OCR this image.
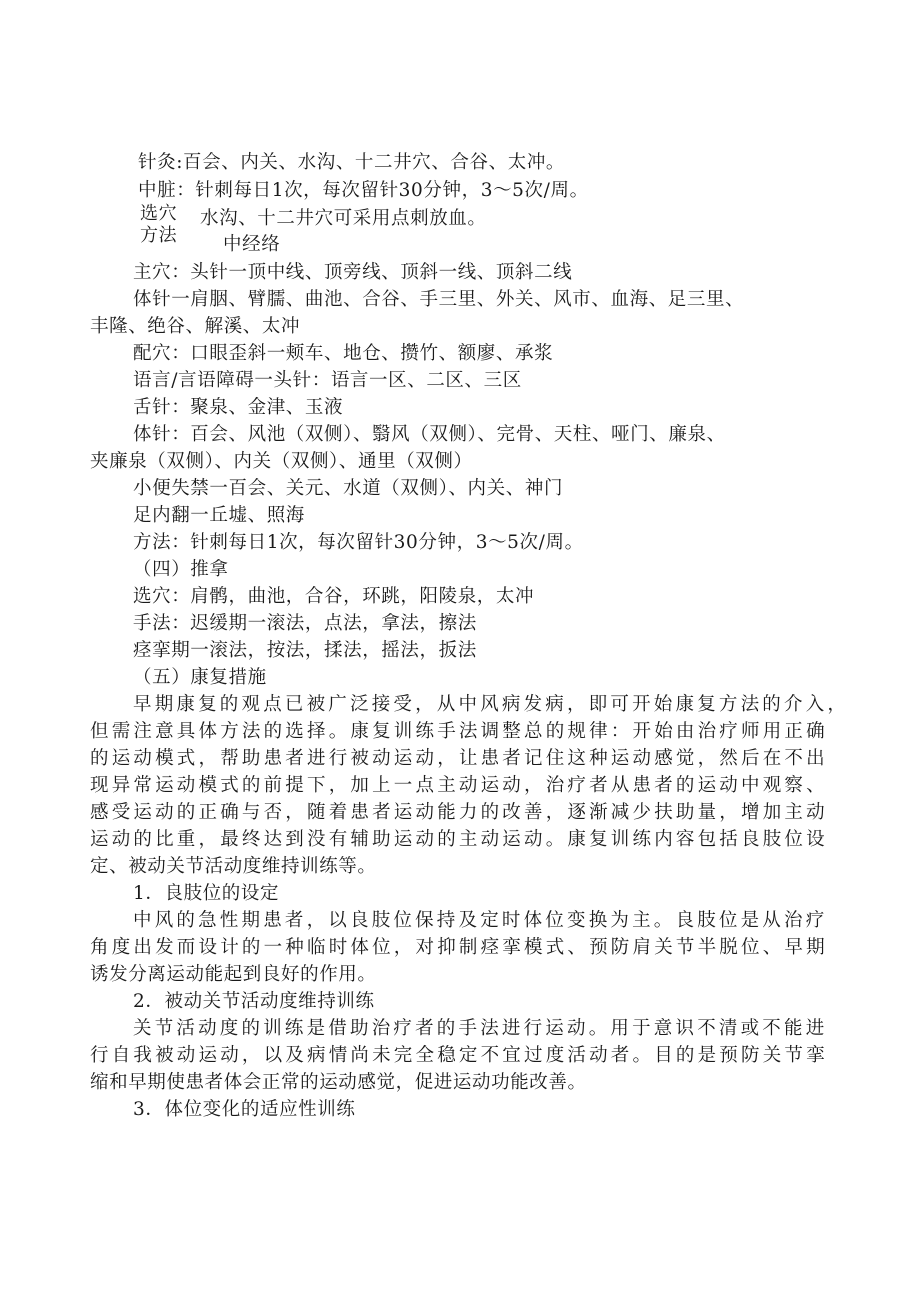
针灸:百会、内关、水沟、十二井穴、合谷、太冲。
中脏：针刺每日1次，每次留针30分钟，3～5次/周。
选穴 水沟、十二井穴可采用点刺放血。
方法 中经络
主穴：头针一顶中线、顶旁线、顶斜一线、顶斜二线
体针一肩胭、臂臑、曲池、合谷、手三里、外关、风市、血海、足三里、
丰隆、绝谷、解溪、太冲
配穴：口眼歪斜一颊车、地仓、攒竹、额廖、承浆
语言/言语障碍一头针：语言一区、二区、三区
舌针：聚泉、金津、玉液
体针：百会、风池（双侧）、翳风（双侧）、完骨、天柱、哑门、廉泉、
夹廉泉（双侧）、内关（双侧）、通里（双侧）
小便失禁一百会、关元、水道（双侧）、内关、神门
足内翻一丘墟、照海
方法：针刺每日1次，每次留针30分钟，3～5次/周。
（四）推拿
选穴：肩鹘，曲池，合谷，环跳，阳陵泉，太冲
手法：迟缓期一滚法，点法，拿法，擦法
痉挛期一滚法，按法，揉法，摇法，扳法
（五）康复措施
早期康复的观点已被广泛接受，从中风病发病，即可开始康复方法的介入，
但需注意具体方法的选择。康复训练手法调整总的规律：开始由治疗师用正确
的运动模式，帮助患者进行被动运动，让患者记住这种运动感觉，然后在不出
现异常运动模式的前提下，加上一点主动运动，治疗者从患者的运动中观察、
感受运动的正确与否，随着患者运动能力的改善，逐渐减少扶助量，增加主动
运动的比重，最终达到没有辅助运动的主动运动。康复训练内容包括良肢位设
定、被动关节活动度维持训练等。
1．良肢位的设定
中风的急性期患者，以良肢位保持及定时体位变换为主。良肢位是从治疗
角度出发而设计的一种临时体位，对抑制痉挛模式、预防肩关节半脱位、早期
诱发分离运动能起到良好的作用。
2．被动关节活动度维持训练
关节活动度的训练是借助治疗者的手法进行运动。用于意识不清或不能进
行自我被动运动，以及病情尚未完全稳定不宜过度活动者。目的是预防关节挛
缩和早期使患者体会正常的运动感觉，促进运动功能改善。
3．体位变化的适应性训练
